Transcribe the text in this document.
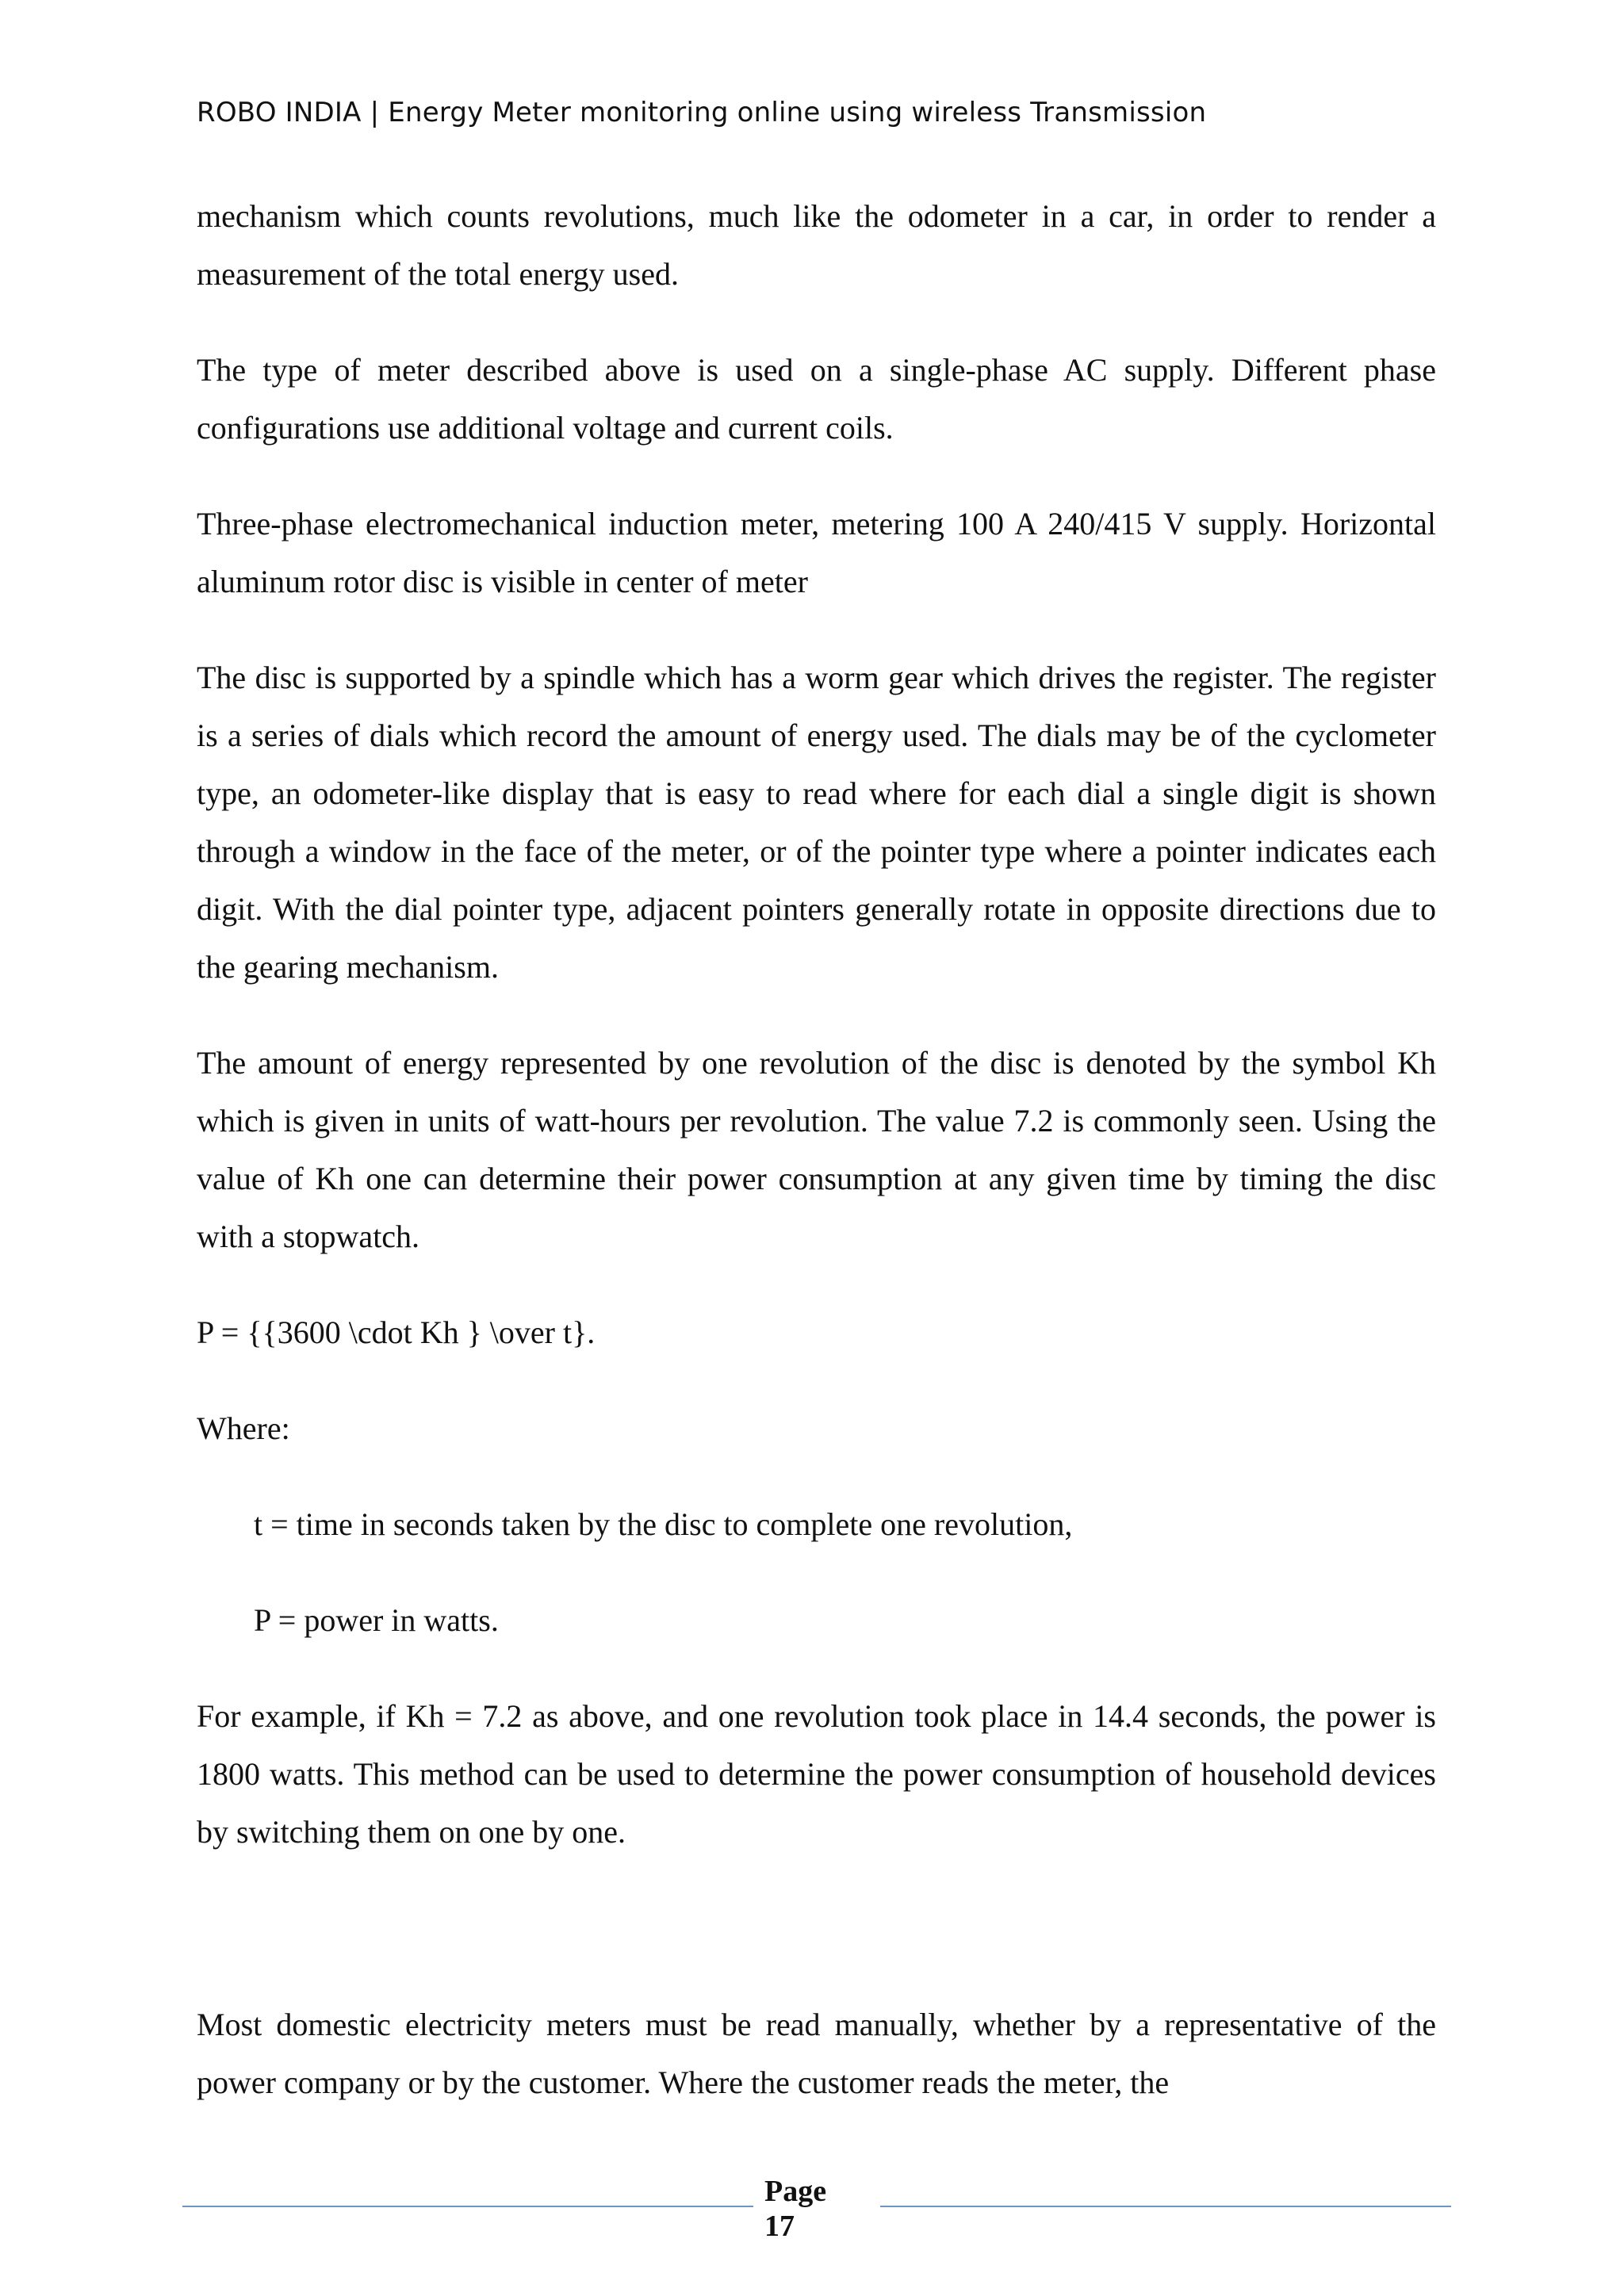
ROBO INDIA | Energy Meter monitoring online using wireless Transmission

mechanism which counts revolutions, much like the odometer in a car, in order to render a measurement of the total energy used.

The type of meter described above is used on a single-phase AC supply. Different phase configurations use additional voltage and current coils.

Three-phase electromechanical induction meter, metering 100 A 240/415 V supply. Horizontal aluminum rotor disc is visible in center of meter

The disc is supported by a spindle which has a worm gear which drives the register. The register is a series of dials which record the amount of energy used. The dials may be of the cyclometer type, an odometer-like display that is easy to read where for each dial a single digit is shown through a window in the face of the meter, or of the pointer type where a pointer indicates each digit. With the dial pointer type, adjacent pointers generally rotate in opposite directions due to the gearing mechanism.

The amount of energy represented by one revolution of the disc is denoted by the symbol Kh which is given in units of watt-hours per revolution. The value 7.2 is commonly seen. Using the value of Kh one can determine their power consumption at any given time by timing the disc with a stopwatch.

P = {{3600 \cdot Kh } \over t}.

Where:

t = time in seconds taken by the disc to complete one revolution,

P = power in watts.

For example, if Kh = 7.2 as above, and one revolution took place in 14.4 seconds, the power is 1800 watts. This method can be used to determine the power consumption of household devices by switching them on one by one.

Most domestic electricity meters must be read manually, whether by a representative of the power company or by the customer. Where the customer reads the meter, the

Page
17
